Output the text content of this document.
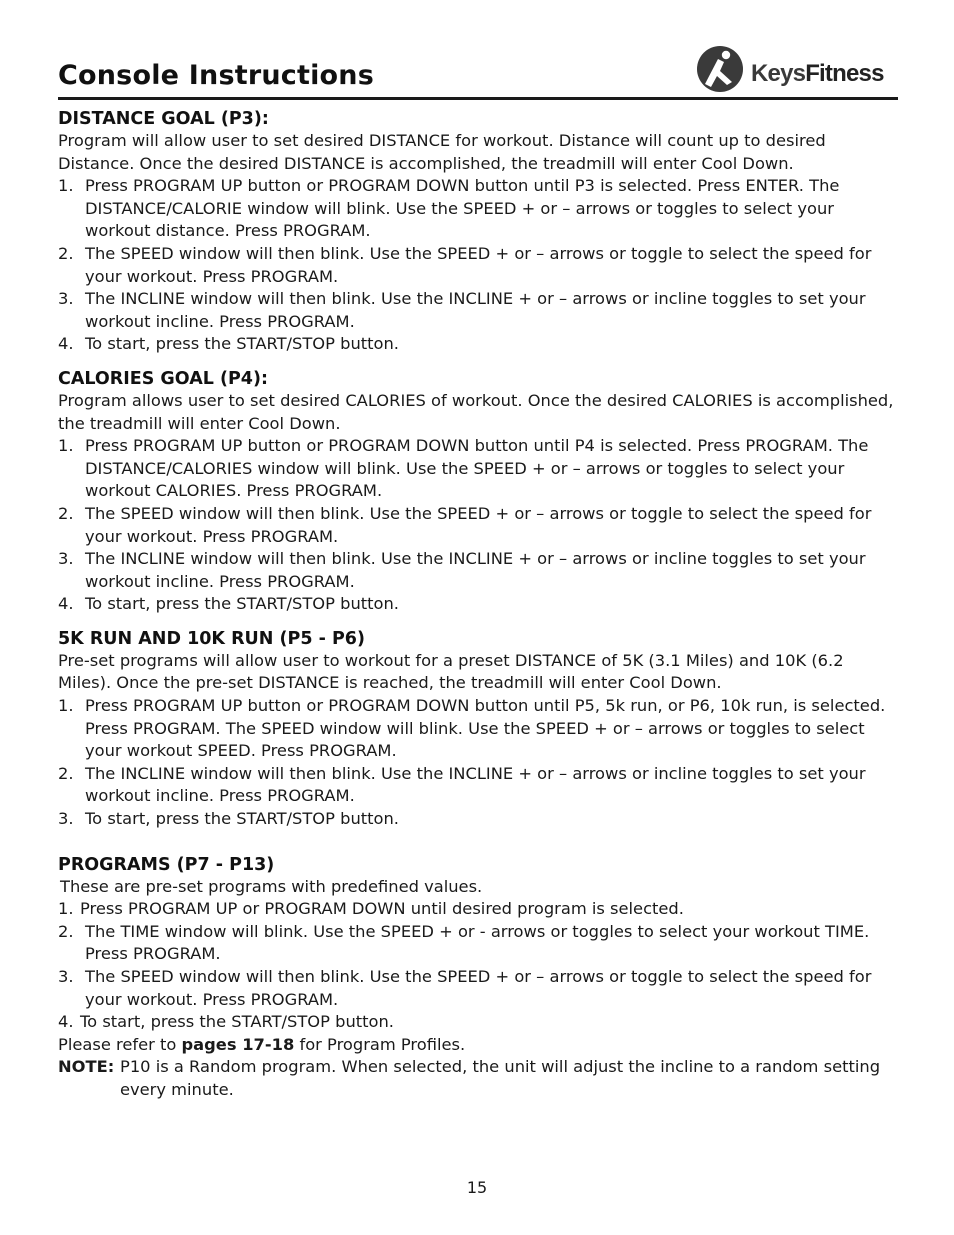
Console Instructions	KeysFitness
DISTANCE GOAL (P3):

Program will allow user to set desired DISTANCE for workout. Distance will count up to desired Distance. Once the desired DISTANCE is accomplished, the treadmill will enter Cool Down.

1. Press PROGRAM UP button or PROGRAM DOWN button until P3 is selected. Press ENTER. The DISTANCE/CALORIE window will blink. Use the SPEED + or – arrows or toggles to select your workout distance. Press PROGRAM.
2. The SPEED window will then blink. Use the SPEED + or – arrows or toggle to select the speed for your workout. Press PROGRAM.
3. The INCLINE window will then blink. Use the INCLINE + or – arrows or incline toggles to set your workout incline. Press PROGRAM.
4. To start, press the START/STOP button.
CALORIES GOAL (P4):

Program allows user to set desired CALORIES of workout. Once the desired CALORIES is accomplished, the treadmill will enter Cool Down.

1. Press PROGRAM UP button or PROGRAM DOWN button until P4 is selected. Press PROGRAM. The DISTANCE/CALORIES window will blink. Use the SPEED + or – arrows or toggles to select your workout CALORIES. Press PROGRAM.
2. The SPEED window will then blink. Use the SPEED + or – arrows or toggle to select the speed for your workout. Press PROGRAM.
3. The INCLINE window will then blink. Use the INCLINE + or – arrows or incline toggles to set your workout incline. Press PROGRAM.
4. To start, press the START/STOP button.
5K RUN AND 10K RUN (P5 - P6)

Pre-set programs will allow user to workout for a preset DISTANCE of 5K (3.1 Miles) and 10K (6.2 Miles). Once the pre-set DISTANCE is reached, the treadmill will enter Cool Down.

1. Press PROGRAM UP button or PROGRAM DOWN button until P5, 5k run, or P6, 10k run, is selected. Press PROGRAM. The SPEED window will blink. Use the SPEED + or – arrows or toggles to select your workout SPEED. Press PROGRAM.
2. The INCLINE window will then blink. Use the INCLINE + or – arrows or incline toggles to set your workout incline. Press PROGRAM.
3. To start, press the START/STOP button.
PROGRAMS (P7 - P13)

These are pre-set programs with predefined values.

1. Press PROGRAM UP or PROGRAM DOWN until desired program is selected.
2. The TIME window will blink. Use the SPEED + or - arrows or toggles to select your workout TIME. Press PROGRAM.
3. The SPEED window will then blink. Use the SPEED + or – arrows or toggle to select the speed for your workout. Press PROGRAM.
4. To start, press the START/STOP button.

Please refer to pages 17-18 for Program Profiles.

NOTE: P10 is a Random program. When selected, the unit will adjust the incline to a random setting every minute.

15
